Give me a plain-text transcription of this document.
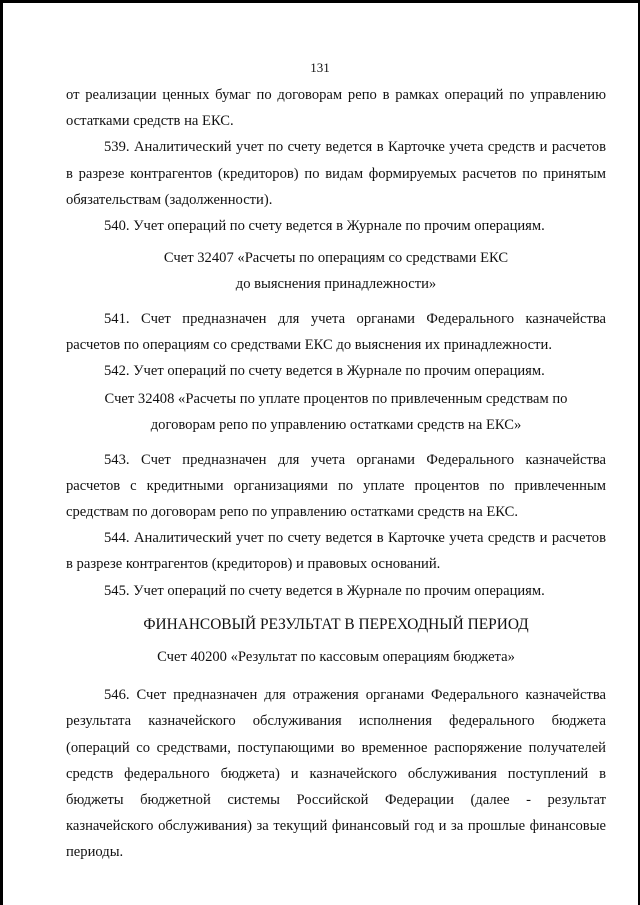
131

от реализации ценных бумаг по договорам репо в рамках операций по управлению остатками средств на ЕКС.

539. Аналитический учет по счету ведется в Карточке учета средств и расчетов в разрезе контрагентов (кредиторов) по видам формируемых расчетов по принятым обязательствам (задолженности).

540. Учет операций по счету ведется в Журнале по прочим операциям.

Счет 32407 «Расчеты по операциям со средствами ЕКС
до выяснения принадлежности»

541. Счет предназначен для учета органами Федерального казначейства расчетов по операциям со средствами ЕКС до выяснения их принадлежности.

542. Учет операций по счету ведется в Журнале по прочим операциям.

Счет 32408 «Расчеты по уплате процентов по привлеченным средствам по
договорам репо по управлению остатками средств на ЕКС»

543. Счет предназначен для учета органами Федерального казначейства расчетов с кредитными организациями по уплате процентов по привлеченным средствам по договорам репо по управлению остатками средств на ЕКС.

544. Аналитический учет по счету ведется в Карточке учета средств и расчетов в разрезе контрагентов (кредиторов) и правовых оснований.

545. Учет операций по счету ведется в Журнале по прочим операциям.

ФИНАНСОВЫЙ РЕЗУЛЬТАТ В ПЕРЕХОДНЫЙ ПЕРИОД
Счет 40200 «Результат по кассовым операциям бюджета»

546. Счет предназначен для отражения органами Федерального казначейства результата казначейского обслуживания исполнения федерального бюджета (операций со средствами, поступающими во временное распоряжение получателей средств федерального бюджета) и казначейского обслуживания поступлений в бюджеты бюджетной системы Российской Федерации (далее - результат казначейского обслуживания) за текущий финансовый год и за прошлые финансовые периоды.
